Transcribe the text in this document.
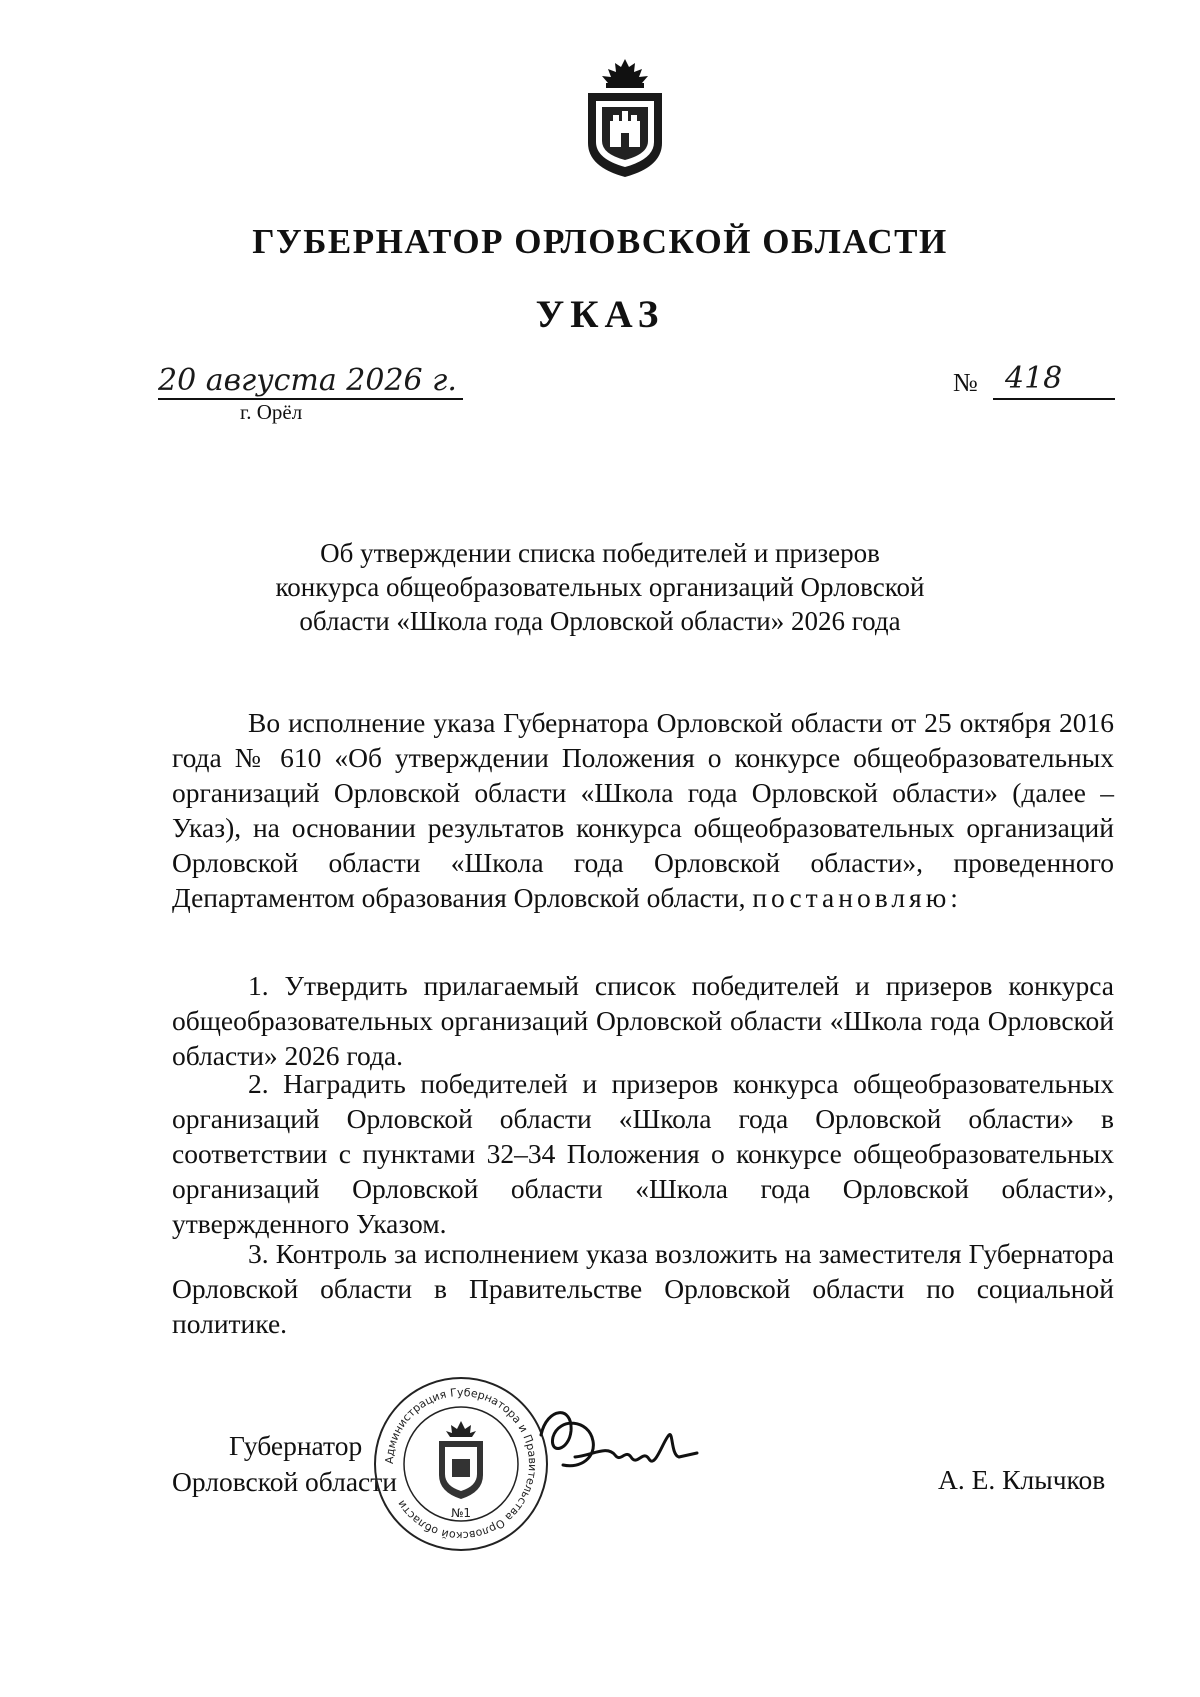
ГУБЕРНАТОР ОРЛОВСКОЙ ОБЛАСТИ
УКАЗ
20 августа 2026 г.
г. Орёл
№ 418
Об утверждении списка победителей и призеров
конкурса общеобразовательных организаций Орловской
области «Школа года Орловской области» 2026 года

Во исполнение указа Губернатора Орловской области от 25 октября 2016 года № 610 «Об утверждении Положения о конкурсе общеобразовательных организаций Орловской области «Школа года Орловской области» (далее – Указ), на основании результатов конкурса общеобразовательных организаций Орловской области «Школа года Орловской области», проведенного Департаментом образования Орловской области, постановляю:

1. Утвердить прилагаемый список победителей и призеров конкурса общеобразовательных организаций Орловской области «Школа года Орловской области» 2026 года.

2. Наградить победителей и призеров конкурса общеобразовательных организаций Орловской области «Школа года Орловской области» в соответствии с пунктами 32–34 Положения о конкурсе общеобразовательных организаций Орловской области «Школа года Орловской области», утвержденного Указом.

3. Контроль за исполнением указа возложить на заместителя Губернатора Орловской области в Правительстве Орловской области по социальной политике.

Губернатор
Орловской области
Администрация Губернатора и Правительства Орловской области
№1
А. Е. Клычков
